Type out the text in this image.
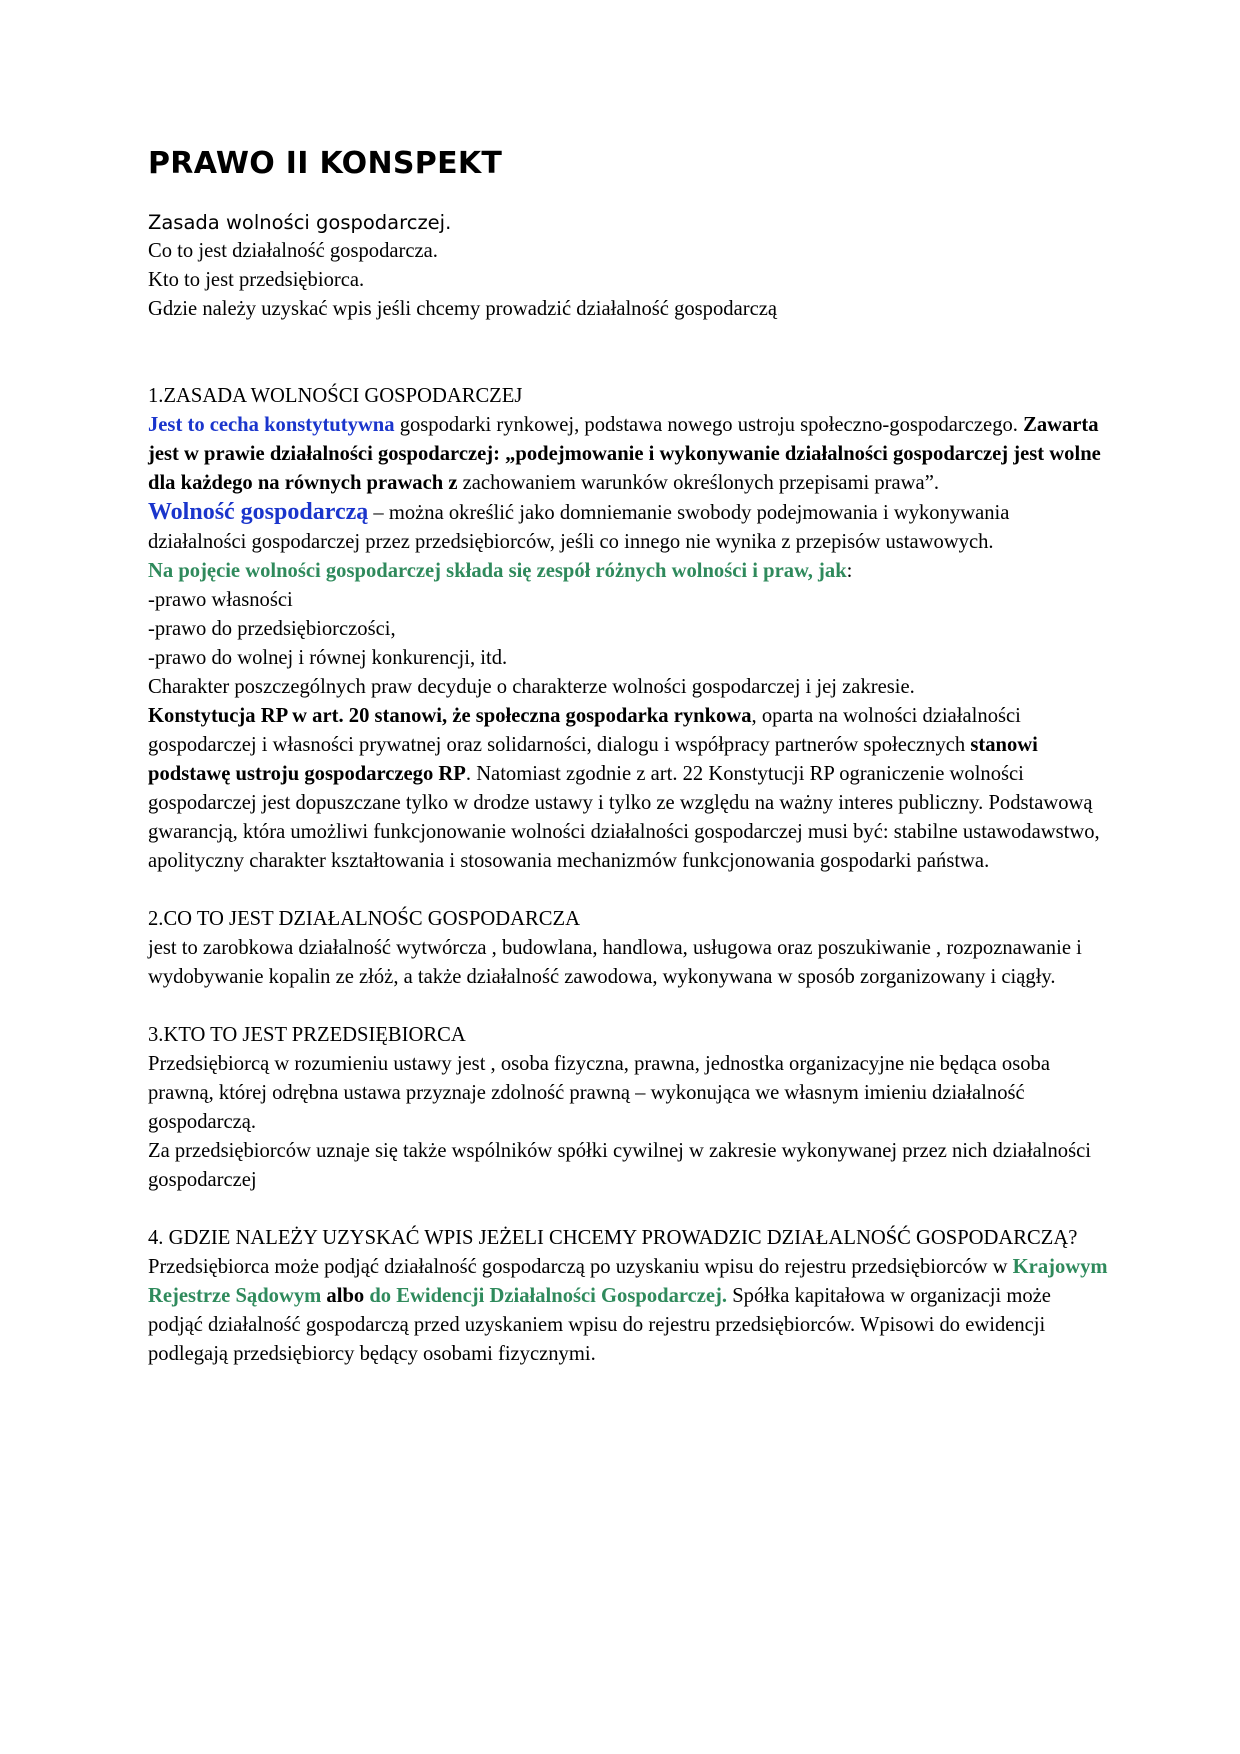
PRAWO II KONSPEKT

Zasada wolności gospodarczej.

Co to jest działalność gospodarcza.

Kto to jest przedsiębiorca.

Gdzie należy uzyskać wpis jeśli chcemy prowadzić działalność gospodarczą

1.ZASADA WOLNOŚCI GOSPODARCZEJ

Jest to cecha konstytutywna gospodarki rynkowej, podstawa nowego ustroju społeczno-gospodarczego. Zawarta jest w prawie działalności gospodarczej: „podejmowanie i wykonywanie działalności gospodarczej jest wolne dla każdego na równych prawach z zachowaniem warunków określonych przepisami prawa”.

Wolność gospodarczą – można określić jako domniemanie swobody podejmowania i wykonywania działalności gospodarczej przez przedsiębiorców, jeśli co innego nie wynika z przepisów ustawowych.

Na pojęcie wolności gospodarczej składa się zespół różnych wolności i praw, jak:

-prawo własności

-prawo do przedsiębiorczości,

-prawo do wolnej i równej konkurencji, itd.

Charakter poszczególnych praw decyduje o charakterze wolności gospodarczej i jej zakresie.

Konstytucja RP w art. 20 stanowi, że społeczna gospodarka rynkowa, oparta na wolności działalności gospodarczej i własności prywatnej oraz solidarności, dialogu i współpracy partnerów społecznych stanowi podstawę ustroju gospodarczego RP. Natomiast zgodnie z art. 22 Konstytucji RP ograniczenie wolności gospodarczej jest dopuszczane tylko w drodze ustawy i tylko ze względu na ważny interes publiczny. Podstawową gwarancją, która umożliwi funkcjonowanie wolności działalności gospodarczej musi być: stabilne ustawodawstwo, apolityczny charakter kształtowania i stosowania mechanizmów funkcjonowania gospodarki państwa.

2.CO TO JEST DZIAŁALNOŚC GOSPODARCZA

jest to zarobkowa działalność wytwórcza , budowlana, handlowa, usługowa oraz poszukiwanie , rozpoznawanie i wydobywanie kopalin ze złóż, a także działalność zawodowa, wykonywana w sposób zorganizowany i ciągły.

3.KTO TO JEST PRZEDSIĘBIORCA

Przedsiębiorcą w rozumieniu ustawy jest , osoba fizyczna, prawna, jednostka organizacyjne nie będąca osoba prawną, której odrębna ustawa przyznaje zdolność prawną – wykonująca we własnym imieniu działalność gospodarczą.

Za przedsiębiorców uznaje się także wspólników spółki cywilnej w zakresie wykonywanej przez nich działalności gospodarczej

4. GDZIE NALEŻY UZYSKAĆ WPIS JEŻELI CHCEMY PROWADZIC DZIAŁALNOŚĆ GOSPODARCZĄ?

Przedsiębiorca może podjąć działalność gospodarczą po uzyskaniu wpisu do rejestru przedsiębiorców w Krajowym Rejestrze Sądowym albo do Ewidencji Działalności Gospodarczej. Spółka kapitałowa w organizacji może podjąć działalność gospodarczą przed uzyskaniem wpisu do rejestru przedsiębiorców. Wpisowi do ewidencji podlegają przedsiębiorcy będący osobami fizycznymi.
